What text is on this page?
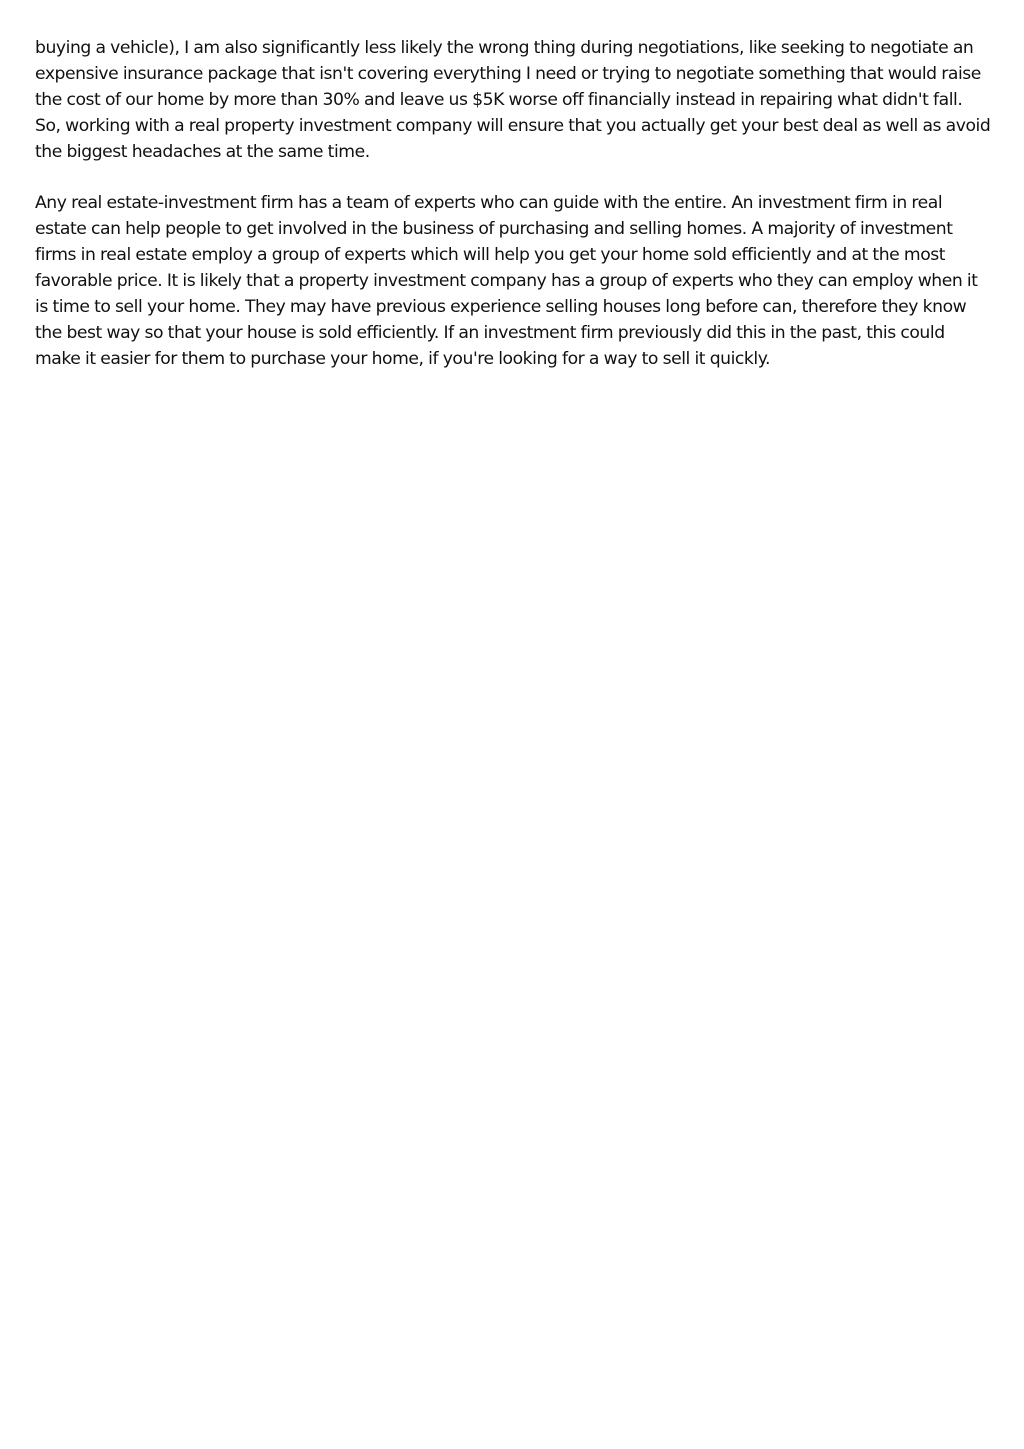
buying a vehicle), I am also significantly less likely the wrong thing during negotiations, like seeking to negotiate an expensive insurance package that isn't covering everything I need or trying to negotiate something that would raise the cost of our home by more than 30% and leave us $5K worse off financially instead in repairing what didn't fall. So, working with a real property investment company will ensure that you actually get your best deal as well as avoid the biggest headaches at the same time.

Any real estate-investment firm has a team of experts who can guide with the entire. An investment firm in real estate can help people to get involved in the business of purchasing and selling homes. A majority of investment firms in real estate employ a group of experts which will help you get your home sold efficiently and at the most favorable price. It is likely that a property investment company has a group of experts who they can employ when it is time to sell your home. They may have previous experience selling houses long before can, therefore they know the best way so that your house is sold efficiently. If an investment firm previously did this in the past, this could make it easier for them to purchase your home, if you're looking for a way to sell it quickly.
